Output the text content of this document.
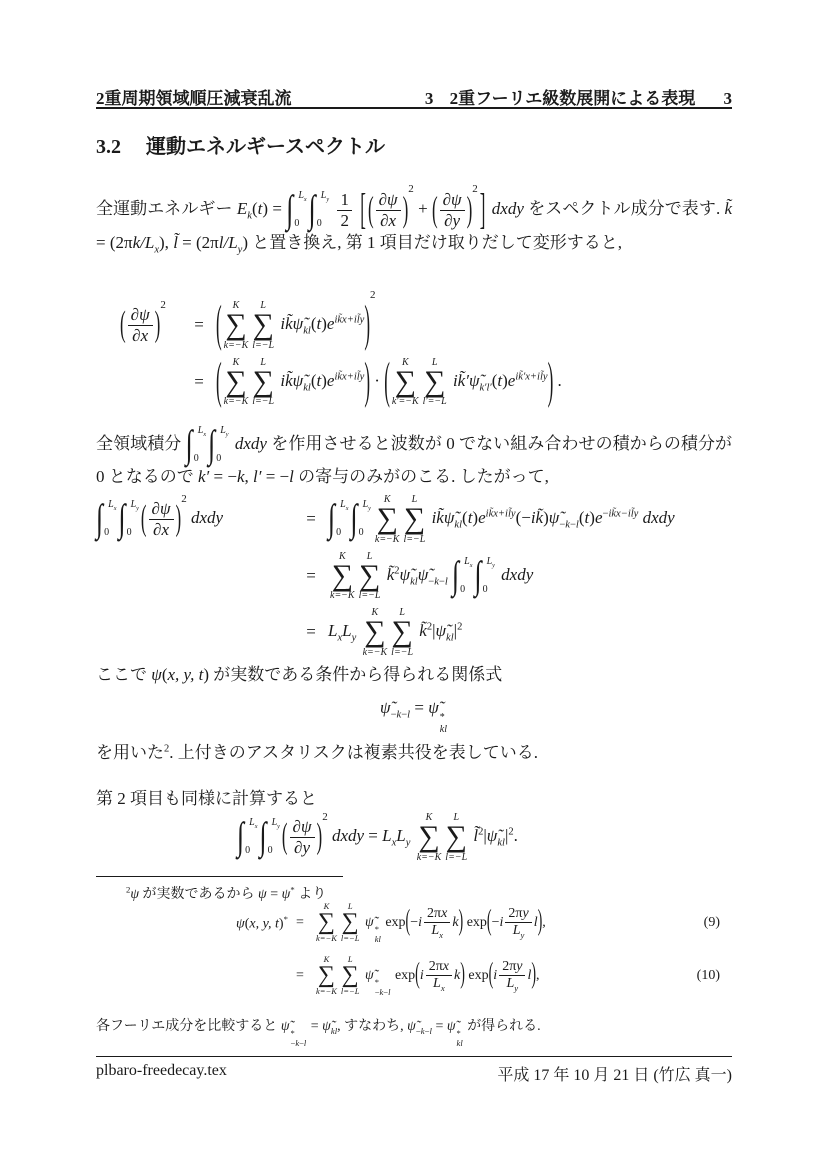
2重周期領域順圧減衰乱流	3 2重フーリエ級数展開による表現 3
3.2 運動エネルギースペクトル
全運動エネルギー $E_k(t)$ = ∫ $L_x$
0 ∫ $L_y$
0
$\frac{1}{2}$ [ ( $\frac{\partial\psi}{\partial x} )^2$ + ( $\frac{\partial\psi}{\partial y} )^2$ ] dxdy をスペクトル成分で表す. k̃ = $(2\pi k/L_x)$, l̃ = $(2\pi l/L_y)$ と置き換え, 第 1 項目だけ取りだして変形すると,
( $\frac{\partial\psi}{\partial x} )^2$
= ( K
∑
k=−K
L
∑
l=−L
$ik̃\psĩ_{kl}(t)e^{ik̃x+il̃y})^2$
= ( K
∑
k=−K
L
∑
l=−L
$ik̃\psĩ_{kl}(t)e^{ik̃x+il̃y}$) · ( K
∑
k′=−K
L
∑
l′=−L
$ik̃'\psĩ_{k'l'}(t)e^{ik̃'x+il̃y}$) .
全領域積分 ∫ $L_x$
0 ∫ $L_y$
0
dxdy を作用させると波数が 0 でない組み合わせの積からの積分が 0 となるので k′ = −k, l′ = −l の寄与のみがのこる. したがって,
∫ $L_x$
0 ∫ $L_y$
0 ( $\frac{\partial\psi}{\partial x} )^2$ dxdy	= ∫ $L_x$
0 ∫ $L_y$
0
K
∑
k=−K
L
∑
l=−L
$ik̃\psĩ_{kl}(t)e^{ik̃x+il̃y}(-ik̃)\psĩ_{-k-l}(t)e^{-ik̃x-il̃y}$ dxdy
=
K
∑
k=−K
L
∑
l=−L
$k̃^2\psĩ_{kl}\psĩ_{-k-l}$ ∫ $L_x$
0 ∫ $L_y$
0
dxdy
= $L_xL_y$
K
∑
k=−K
L
∑
l=−L
$k̃^2|\psĩ_{kl}|^2$
ここで ψ(x, y, t) が実数である条件から得られる関係式
$\psĩ_{-k-l}$ = ψ̃
*
kl
を用いた$^2$. 上付きのアスタリスクは複素共役を表している.
第 2 項目も同様に計算すると
∫ $L_x$
0 ∫ $L_y$
0 ( $\frac{\partial\psi}{\partial y} )^2$ dxdy = $L_xL_y$
K
∑
k=−K
L
∑
l=−L
$l̃^2|\psĩ_{kl}|^2$.
$^2$ψ が実数であるから ψ = ψ* より
ψ(x, y, t)* =
K
∑
k=−K
L
∑
l=−L
ψ̃ *
kl
$\exp(-i \frac{2\pi x}{L_x} k)$ $\exp(-i \frac{2\pi y}{L_y} l)$,	(9)
=
K
∑
k=−K
L
∑
l=−L
ψ̃ *
−k−l
$\exp(i \frac{2\pi x}{L_x} k)$ $\exp(i \frac{2\pi y}{L_y} l)$,	(10)
各フーリエ成分を比較すると ψ̃ *
−k−l
= $\psĩ_{kl}$, すなわち, $\psĩ_{-k-l}$ = ψ̃ *
kl
が得られる.
plbaro-freedecay.tex	平成 17 年 10 月 21 日 (竹広 真一)
